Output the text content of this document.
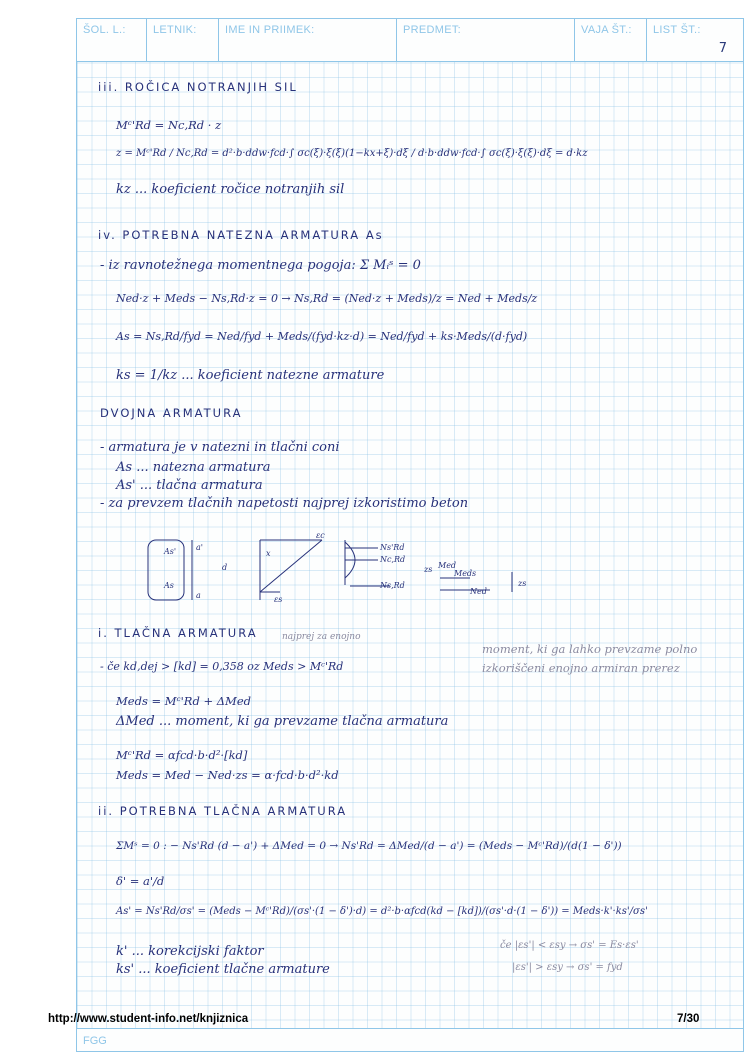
ŠOL. L.:	LETNIK:	IME IN PRIIMEK:	PREDMET:	VAJA ŠT.:	LIST ŠT.:
7
FGG
iii. ROČICA NOTRANJIH SIL
Mᶜ'Rd = Nc,Rd · z
z = Mᶜ'Rd / Nc,Rd = d²·b·ddw·fcd·∫ σc(ξ)·ξ(ξ)(1−kx+ξ)·dξ / d·b·ddw·fcd·∫ σc(ξ)·ξ(ξ)·dξ = d·kz
kz ... koeficient ročice notranjih sil
iv. POTREBNA NATEZNA ARMATURA As
- iz ravnotežnega momentnega pogoja: Σ Mᵢˢ = 0
Ned·z + Meds − Ns,Rd·z = 0 → Ns,Rd = (Ned·z + Meds)/z = Ned + Meds/z
As = Ns,Rd/fyd = Ned/fyd + Meds/(fyd·kz·d) = Ned/fyd + ks·Meds/(d·fyd)
ks = 1/kz ... koeficient natezne armature
DVOJNA ARMATURA
- armatura je v natezni in tlačni coni
As ... natezna armatura
As' ... tlačna armatura
- za prevzem tlačnih napetosti najprej izkoristimo beton
As'
As
a'
d
x
a
εc
εs
Ns'Rd
Nc,Rd
Ns,Rd
zs
Ned
Meds
Med
zs
i. TLAČNA ARMATURA	najprej za enojno
- če kd,dej > [kd] = 0,358 oz Meds > Mᶜ'Rd
moment, ki ga lahko prevzame polno izkoriščeni enojno armiran prerez
Meds = Mᶜ'Rd + ΔMed
ΔMed ... moment, ki ga prevzame tlačna armatura
Mᶜ'Rd = αfcd·b·d²·[kd]
Meds = Med − Ned·zs = α·fcd·b·d²·kd
ii. POTREBNA TLAČNA ARMATURA
ΣMˢ = 0 : − Ns'Rd (d − a') + ΔMed = 0 → Ns'Rd = ΔMed/(d − a') = (Meds − Mᶜ'Rd)/(d(1 − δ'))
δ' = a'/d
As' = Ns'Rd/σs' = (Meds − Mᶜ'Rd)/(σs'·(1 − δ')·d) = d²·b·αfcd(kd − [kd])/(σs'·d·(1 − δ')) = Meds·k'·ks'/σs'
k' ... korekcijski faktor
ks' ... koeficient tlačne armature
če |εs'| < εsy → σs' = Es·εs'
|εs'| > εsy → σs' = fyd
http://www.student-info.net/knjiznica	7/30
